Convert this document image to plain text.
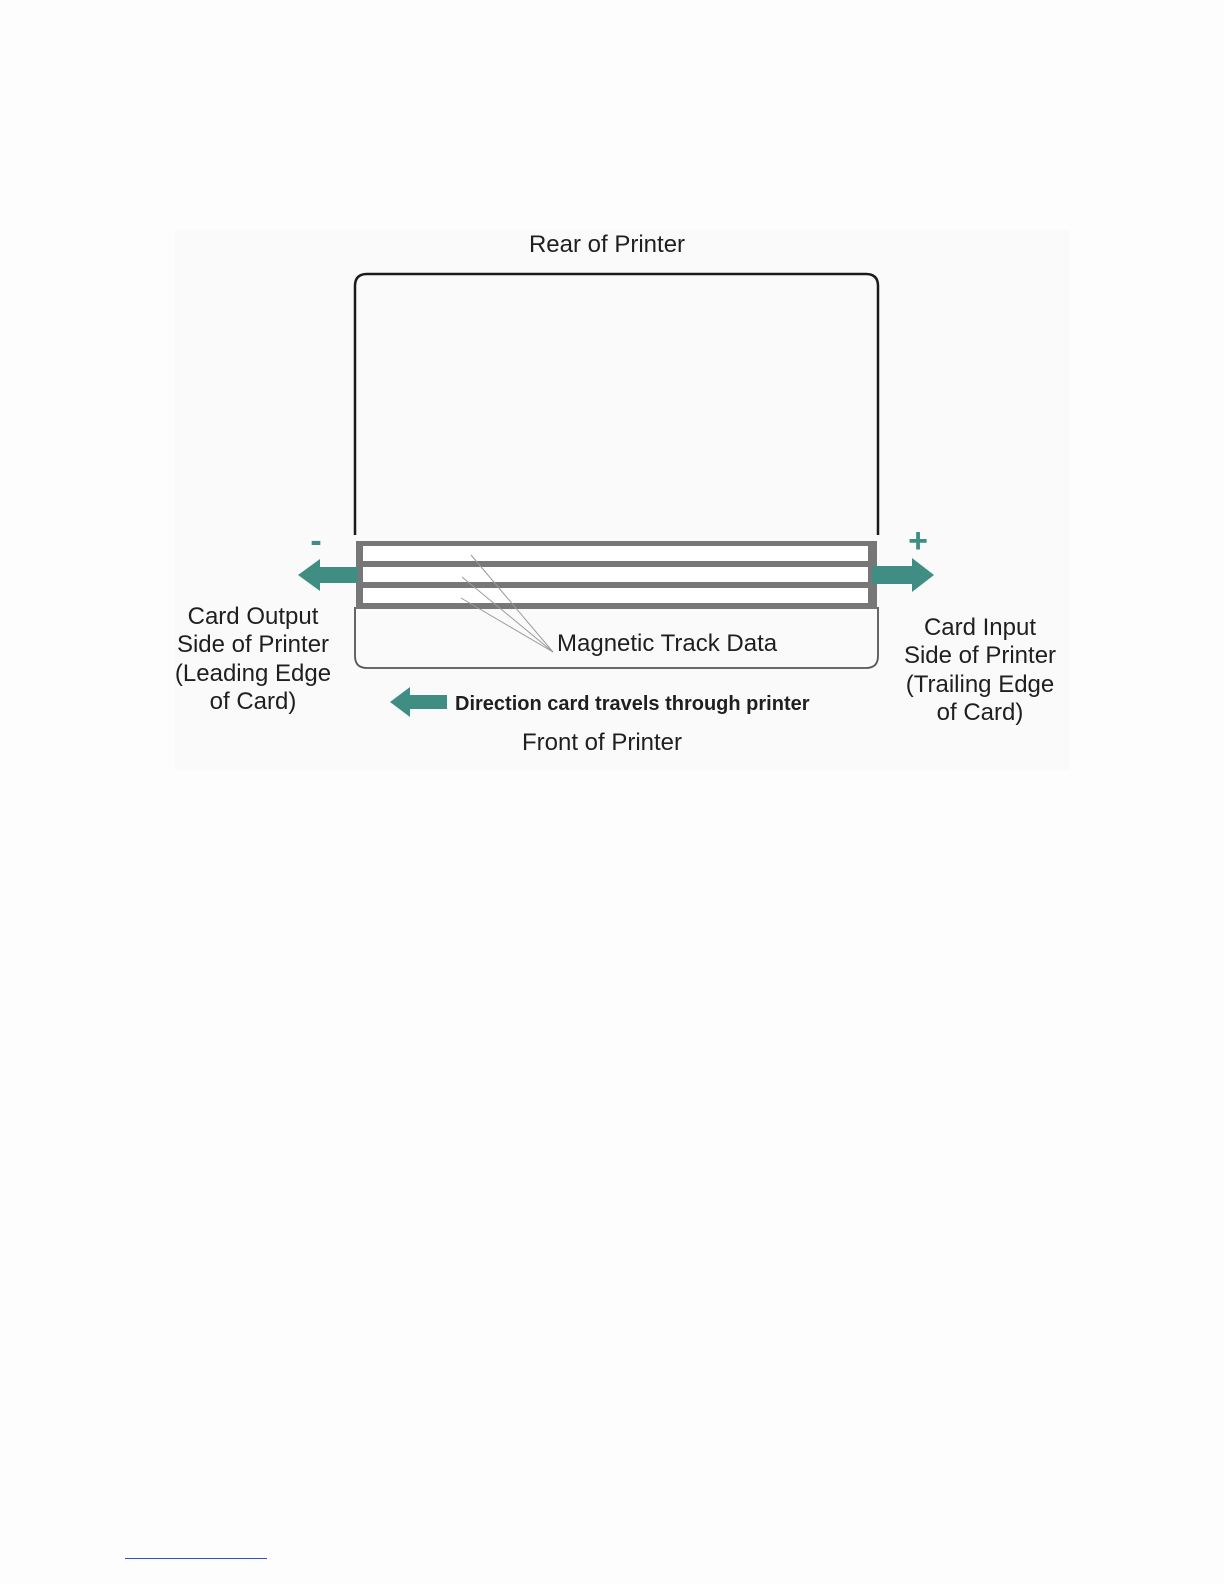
Rear of Printer
Magnetic Track Data
-	+
Card Output
Side of Printer
(Leading Edge
of Card)
Card Input
Side of Printer
(Trailing Edge
of Card)
Direction card travels through printer
Front of Printer
